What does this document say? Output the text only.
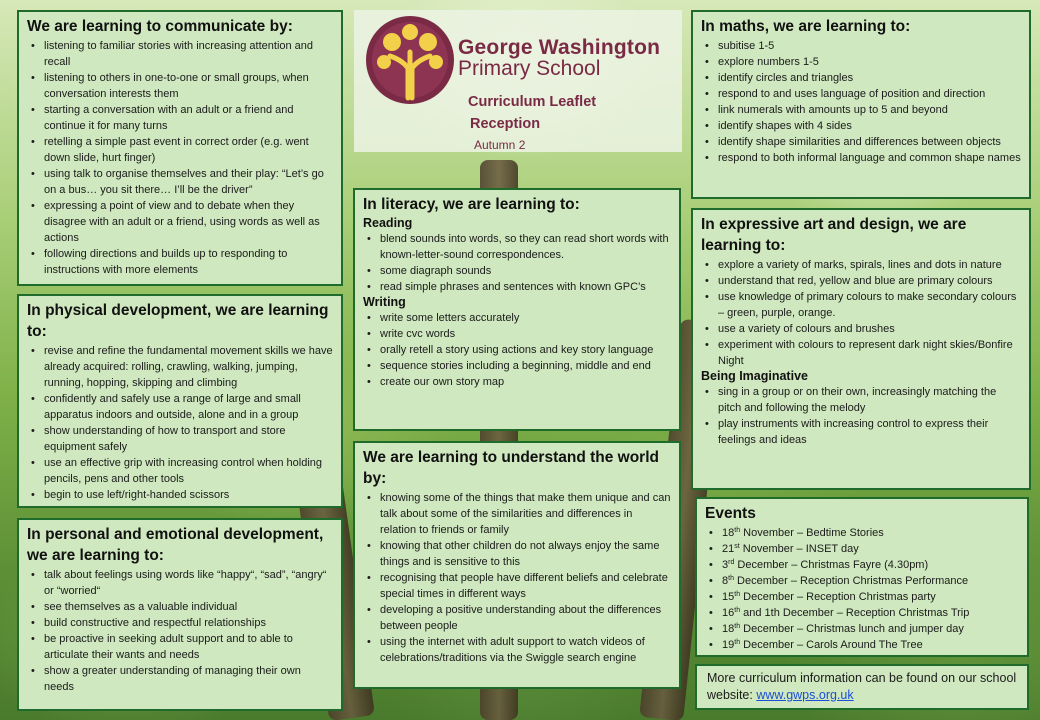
George Washington
Primary School
Curriculum Leaflet
Reception
Autumn 2
We are learning to communicate by:
• listening to familiar stories with increasing attention and recall
• listening to others in one-to-one or small groups, when conversation interests them
• starting a conversation with an adult or a friend and continue it for many turns
• retelling a simple past event in correct order (e.g. went down slide, hurt finger)
• using talk to organise themselves and their play: “Let’s go on a bus… you sit there… I’ll be the driver”
• expressing a point of view and to debate when they disagree with an adult or a friend, using words as well as actions
• following directions and builds up to responding to instructions with more elements
In physical development, we are learning to:
• revise and refine the fundamental movement skills we have already acquired: rolling, crawling, walking, jumping, running, hopping, skipping and climbing
• confidently and safely use a range of large and small apparatus indoors and outside, alone and in a group
• show understanding of how to transport and store equipment safely
• use an effective grip with increasing control when holding pencils, pens and other tools
• begin to use left/right-handed scissors
In personal and emotional development, we are learning to:
• talk about feelings using words like “happy“, “sad”, “angry“ or “worried“
• see themselves as a valuable individual
• build constructive and respectful relationships
• be proactive in seeking adult support and to able to articulate their wants and needs
• show a greater understanding of managing their own needs
In literacy, we are learning to:
Reading
• blend sounds into words, so they can read short words with known-letter-sound correspondences.
• some diagraph sounds
• read simple phrases and sentences with known GPC’s
Writing
• write some letters accurately
• write cvc words
• orally retell a story using actions and key story language
• sequence stories including a beginning, middle and end
• create our own story map
We are learning to understand the world by:
• knowing some of the things that make them unique and can talk about some of the similarities and differences in relation to friends or family
• knowing that other children do not always enjoy the same things and is sensitive to this
• recognising that people have different beliefs and celebrate special times in different ways
• developing a positive understanding about the differences between people
• using the internet with adult support to watch videos of celebrations/traditions via the Swiggle search engine
In maths, we are learning to:
• subitise 1-5
• explore numbers 1-5
• identify circles and triangles
• respond to and uses language of position and direction
• link numerals with amounts up to 5 and beyond
• identify shapes with 4 sides
• identify shape similarities and differences between objects
• respond to both informal language and common shape names
In expressive art and design, we are learning to:
• explore a variety of marks, spirals, lines and dots in nature
• understand that red, yellow and blue are primary colours
• use knowledge of primary colours to make secondary colours – green, purple, orange.
• use a variety of colours and brushes
• experiment with colours to represent dark night skies/Bonfire Night
Being Imaginative
• sing in a group or on their own, increasingly matching the pitch and following the melody
• play instruments with increasing control to express their feelings and ideas
Events
• 18th November – Bedtime Stories
• 21st November – INSET day
• 3rd December – Christmas Fayre (4.30pm)
• 8th December – Reception Christmas Performance
• 15th December – Reception Christmas party
• 16th and 1th December – Reception Christmas Trip
• 18th December – Christmas lunch and jumper day
• 19th December – Carols Around The Tree
More curriculum information can be found on our school website: www.gwps.org.uk
